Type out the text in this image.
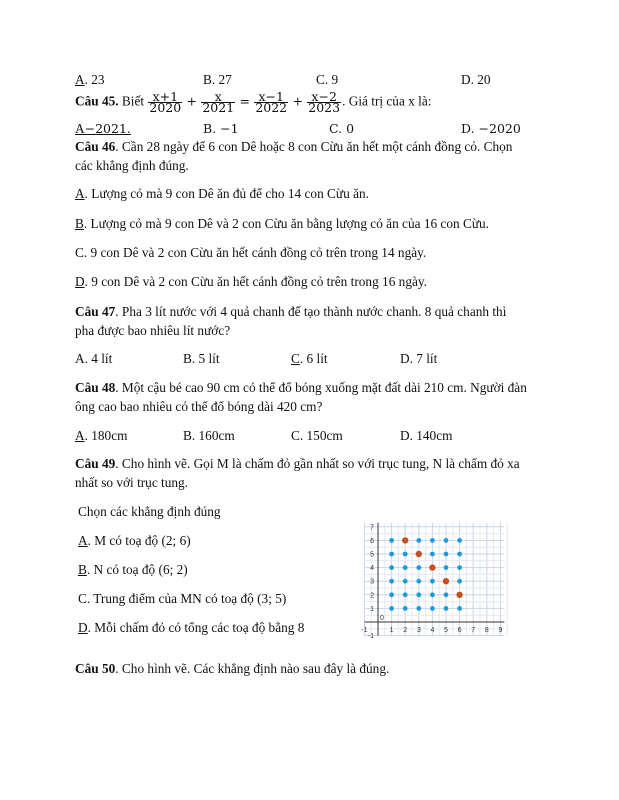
A. 23	B. 27	C. 9	D. 20
Câu 45. Biết $\frac{x+1}{2020} + \frac{x}{2021} = \frac{x-1}{2022} + \frac{x-2}{2023}$ . Giá trị của x là:
A−2021.	B. −1	C. 0	D. −2020
Câu 46. Cần 28 ngày để 6 con Dê hoặc 8 con Cừu ăn hết một cánh đồng cỏ. Chọn
các khẳng định đúng.
A. Lượng cỏ mà 9 con Dê ăn đủ để cho 14 con Cừu ăn.
B. Lượng cỏ mà 9 con Dê và 2 con Cừu ăn bằng lượng cỏ ăn của 16 con Cừu.
C. 9 con Dê và 2 con Cừu ăn hết cánh đồng cỏ trên trong 14 ngày.
D. 9 con Dê và 2 con Cừu ăn hết cánh đồng cỏ trên trong 16 ngày.
Câu 47. Pha 3 lít nước với 4 quả chanh để tạo thành nước chanh. 8 quả chanh thì
pha được bao nhiêu lít nước?
A. 4 lít	B. 5 lít	C. 6 lít	D. 7 lít
Câu 48. Một cậu bé cao 90 cm có thể đổ bóng xuống mặt đất dài 210 cm. Người đàn
ông cao bao nhiêu có thể đổ bóng dài 420 cm?
A. 180cm	B. 160cm	C. 150cm	D. 140cm
Câu 49. Cho hình vẽ. Gọi M là chấm đỏ gần nhất so với trục tung, N là chấm đỏ xa
nhất so với trục tung.
Chọn các khẳng định đúng
A. M có toạ độ (2; 6)
B. N có toạ độ (6; 2)
C. Trung điểm của MN có toạ độ (3; 5)
D. Mỗi chấm đỏ có tổng các toạ độ bằng 8	-1	1 2 3 4 5 6 7 8 9
-1
1
2
3
4
5
6
7
0
Câu 50. Cho hình vẽ. Các khẳng định nào sau đây là đúng.
